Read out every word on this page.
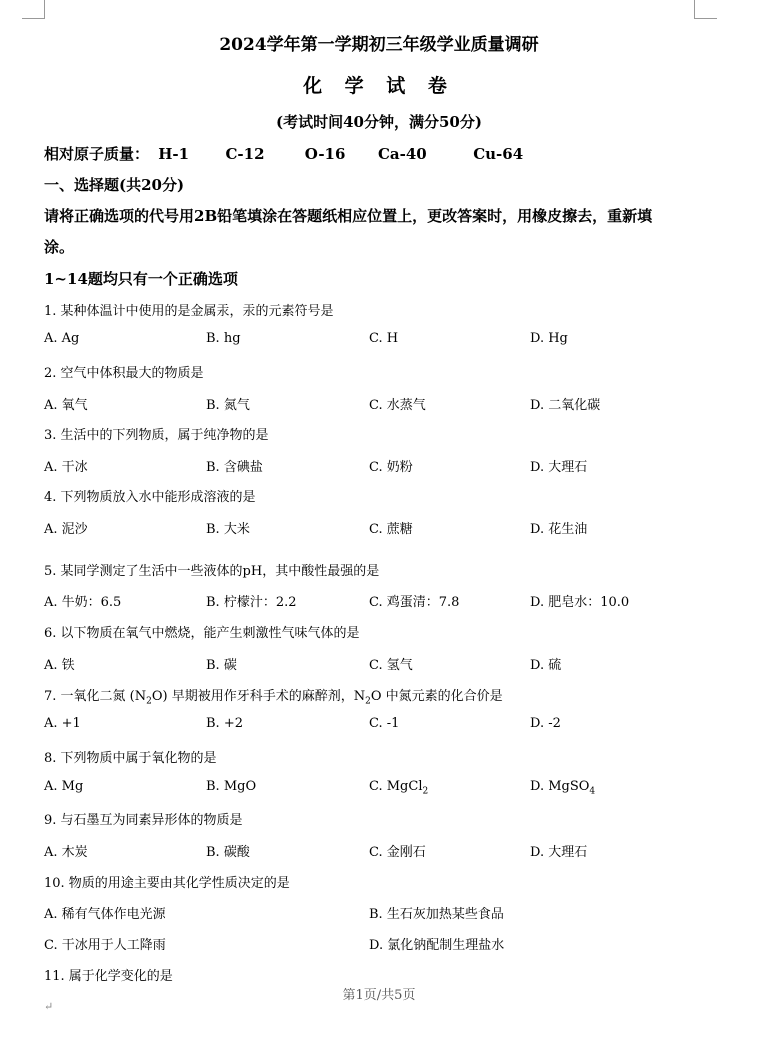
2024学年第一学期初三年级学业质量调研
化 学 试 卷
(考试时间40分钟，满分50分)
相对原子质量： H-1 C-12	O-16 Ca-40	Cu-64
一、选择题(共20分)
请将正确选项的代号用2B铅笔填涂在答题纸相应位置上，更改答案时，用橡皮擦去，重新填
涂。
1~14题均只有一个正确选项
1. 某种体温计中使用的是金属汞，汞的元素符号是
A. Ag	B. hg	C. H	D. Hg
2. 空气中体积最大的物质是
A. 氧气	B. 氮气	C. 水蒸气	D. 二氧化碳
3. 生活中的下列物质，属于纯净物的是
A. 干冰	B. 含碘盐	C. 奶粉	D. 大理石
4. 下列物质放入水中能形成溶液的是
A. 泥沙	B. 大米	C. 蔗糖	D. 花生油
5. 某同学测定了生活中一些液体的pH，其中酸性最强的是
A. 牛奶：6.5	B. 柠檬汁：2.2	C. 鸡蛋清：7.8	D. 肥皂水：10.0
6. 以下物质在氧气中燃烧，能产生刺激性气味气体的是
A. 铁	B. 碳	C. 氢气	D. 硫
7. 一氧化二氮 $(N_2O)$ 早期被用作牙科手术的麻醉剂，$N_2O$ 中氮元素的化合价是
A. +1	B. +2	C. -1	D. -2
8. 下列物质中属于氧化物的是
A. Mg	B. MgO	C. MgCl$_2$	D. MgSO$_4$
9. 与石墨互为同素异形体的物质是
A. 木炭	B. 碳酸	C. 金刚石	D. 大理石
10. 物质的用途主要由其化学性质决定的是
A. 稀有气体作电光源	B. 生石灰加热某些食品
C. 干冰用于人工降雨	D. 氯化钠配制生理盐水
11. 属于化学变化的是
第1页/共5页
↵
